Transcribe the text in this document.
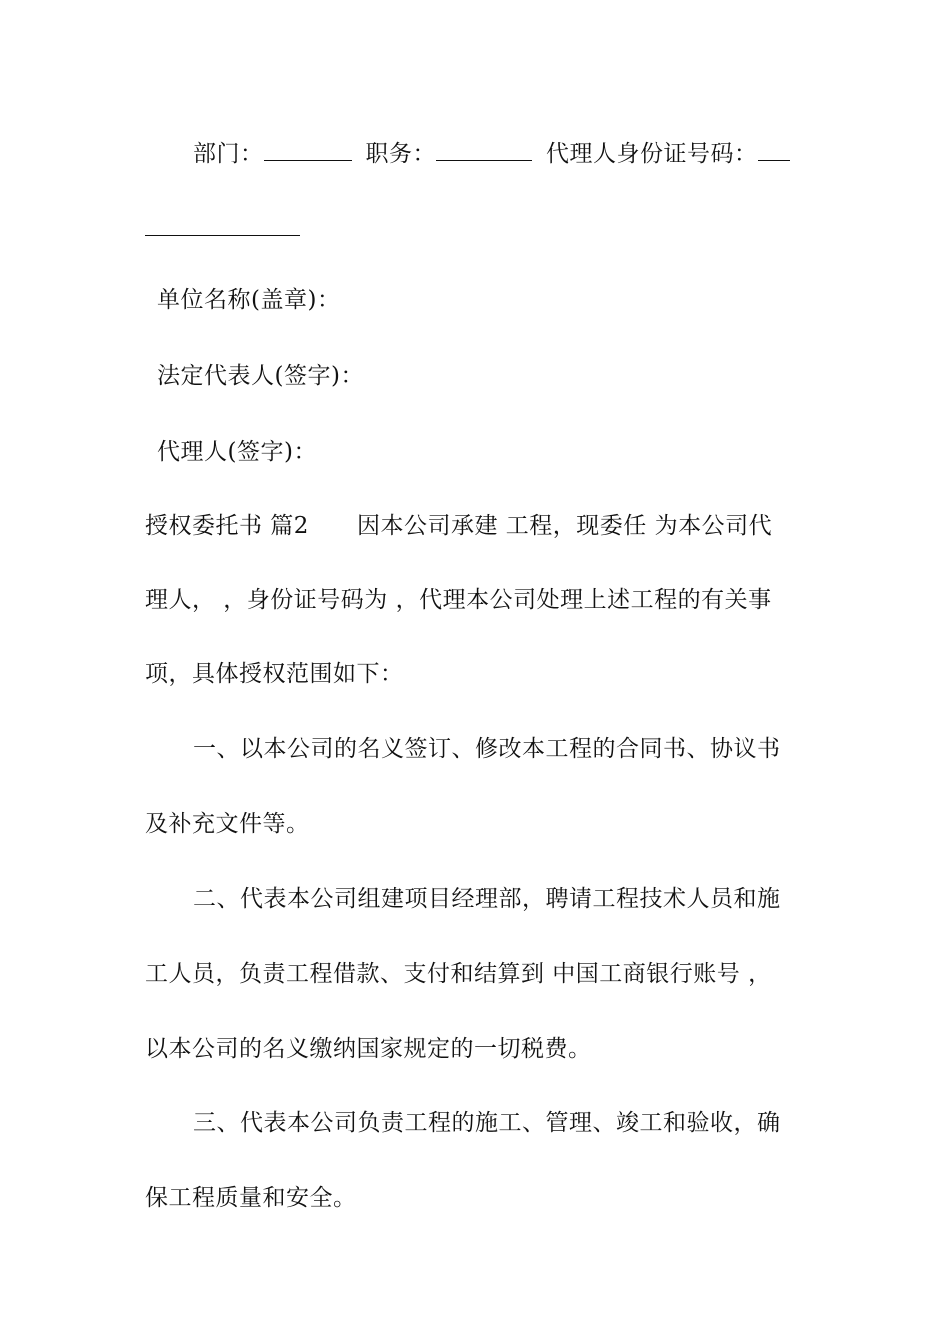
部门：	职务：	代理人身份证号码：
单位名称(盖章)：
法定代表人(签字)：
代理人(签字)：
授权委托书 篇2 因本公司承建 工程，现委任 为本公司代
理人， ，身份证号码为 ，代理本公司处理上述工程的有关事
项，具体授权范围如下：
一、以本公司的名义签订、修改本工程的合同书、协议书
及补充文件等。
二、代表本公司组建项目经理部，聘请工程技术人员和施
工人员，负责工程借款、支付和结算到 中国工商银行账号 ，
以本公司的名义缴纳国家规定的一切税费。
三、代表本公司负责工程的施工、管理、竣工和验收，确
保工程质量和安全。
